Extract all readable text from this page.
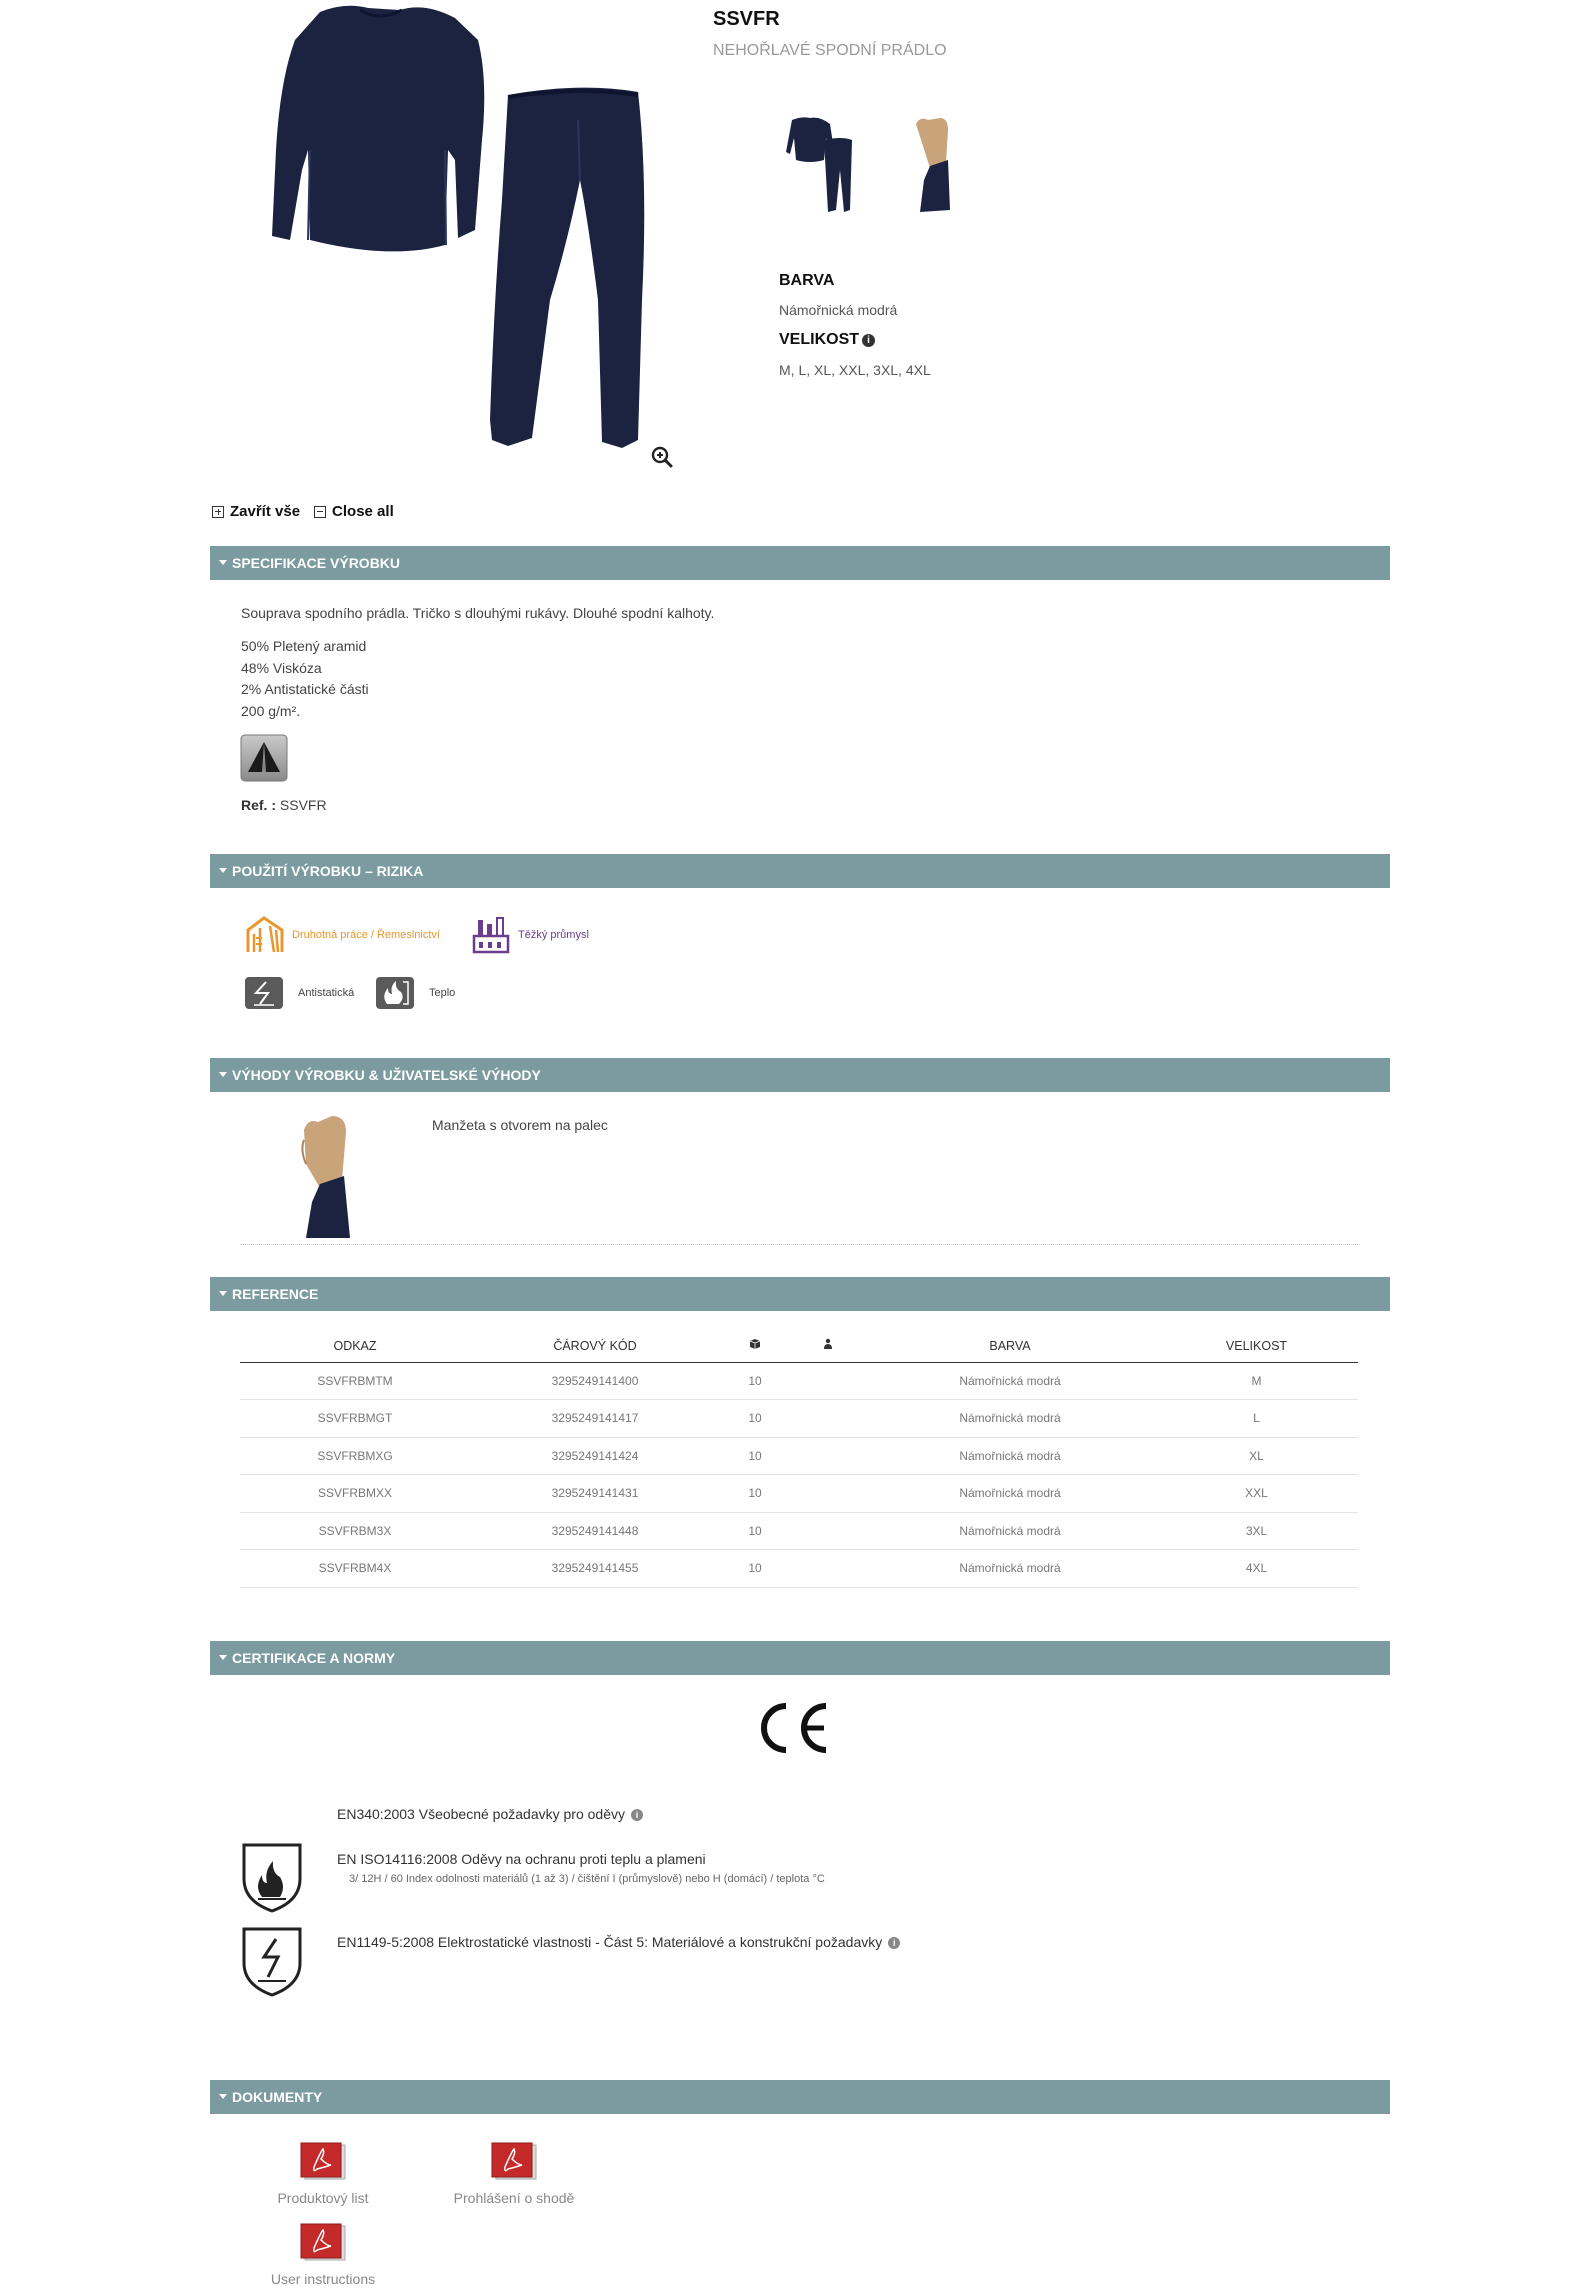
SSVFR
NEHOŘLAVÉ SPODNÍ PRÁDLO
BARVA
Námořnická modrá
VELIKOST i
M, L, XL, XXL, 3XL, 4XL
Zavřít vše Close all
SPECIFIKACE VÝROBKU
Souprava spodního prádla. Tričko s dlouhými rukávy. Dlouhé spodní kalhoty.
50% Pletený aramid
48% Viskóza
2% Antistatické části
200 g/m².
Ref. : SSVFR
POUŽITÍ VÝROBKU – RIZIKA
Druhotná práce / Řemeslnictví	Těžký průmysl
Antistatická	Teplo
VÝHODY VÝROBKU & UŽIVATELSKÉ VÝHODY
Manžeta s otvorem na palec
REFERENCE
ODKAZ	ČÁROVÝ KÓD			BARVA	VELIKOST
SSVFRBMTM	3295249141400	10		Námořnická modrá	M
SSVFRBMGT	3295249141417	10		Námořnická modrá	L
SSVFRBMXG	3295249141424	10		Námořnická modrá	XL
SSVFRBMXX	3295249141431	10		Námořnická modrá	XXL
SSVFRBM3X	3295249141448	10		Námořnická modrá	3XL
SSVFRBM4X	3295249141455	10		Námořnická modrá	4XL
CERTIFIKACE A NORMY
EN340:2003 Všeobecné požadavky pro oděvy i
EN ISO14116:2008 Oděvy na ochranu proti teplu a plameni
3/ 12H / 60 Index odolnosti materiálů (1 až 3) / čištění I (průmyslově) nebo H (domácí) / teplota °C
EN1149-5:2008 Elektrostatické vlastnosti - Část 5: Materiálové a konstrukční požadavky i
DOKUMENTY
Produktový list	Prohlášení o shodě
User instructions
